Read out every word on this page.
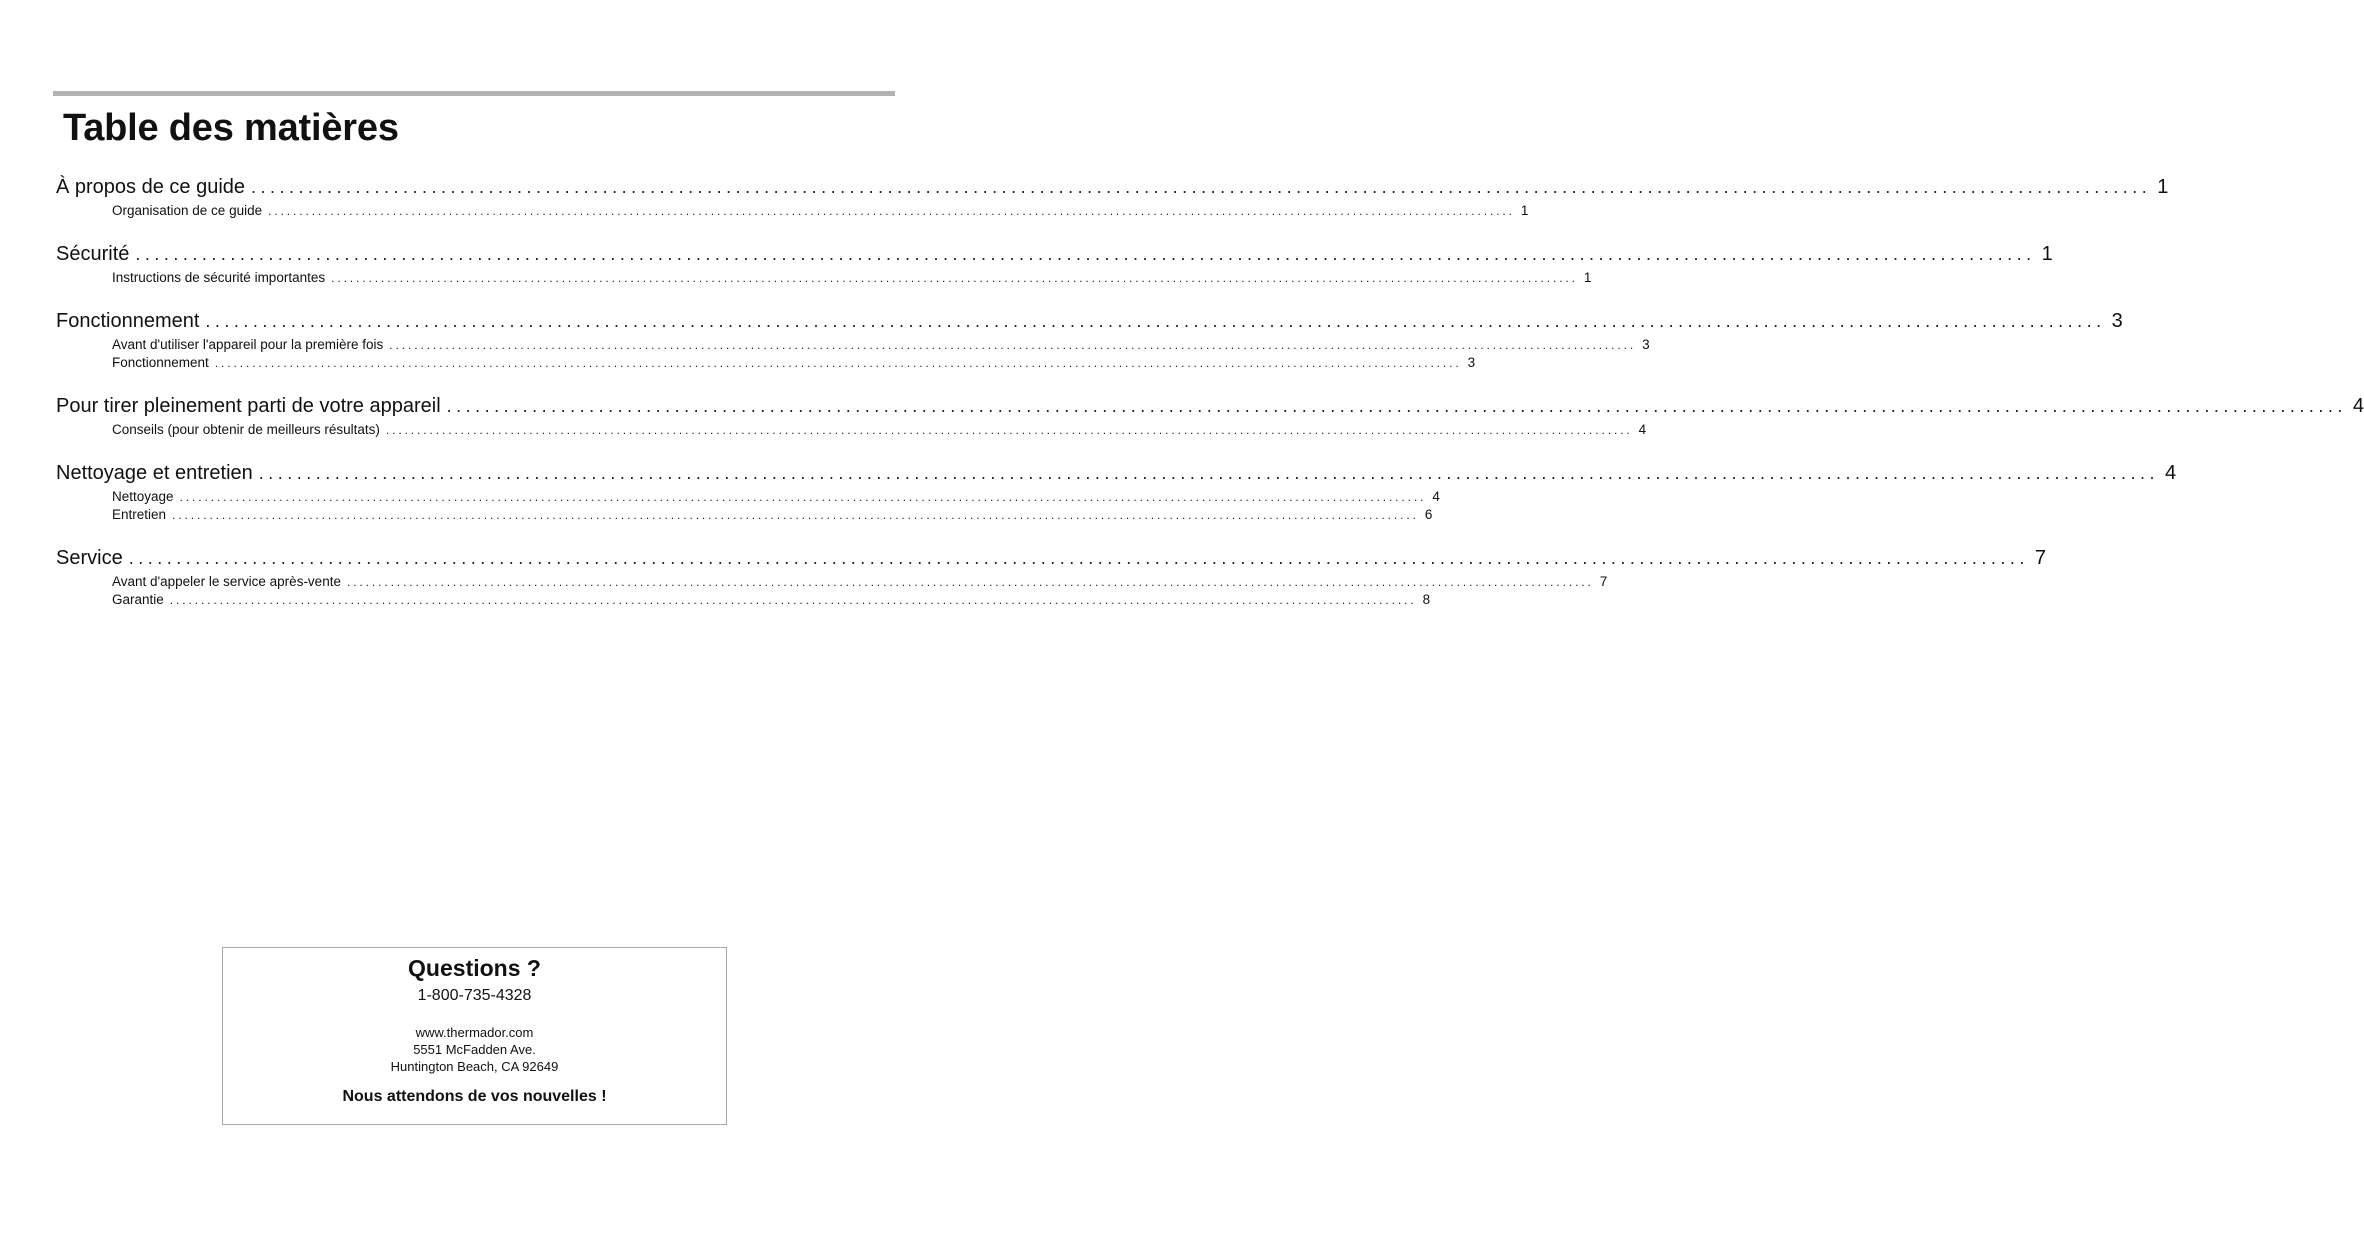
Table des matières
À propos de ce guide ........................................................................................................................................................................................................ 1
Organisation de ce guide ........................................................................................................................................................................................................ 1
Sécurité ........................................................................................................................................................................................................ 1
Instructions de sécurité importantes ........................................................................................................................................................................................................ 1
Fonctionnement ........................................................................................................................................................................................................ 3
Avant d'utiliser l'appareil pour la première fois ........................................................................................................................................................................................................ 3
Fonctionnement ........................................................................................................................................................................................................ 3
Pour tirer pleinement parti de votre appareil ........................................................................................................................................................................................................ 4
Conseils (pour obtenir de meilleurs résultats) ........................................................................................................................................................................................................ 4
Nettoyage et entretien ........................................................................................................................................................................................................ 4
Nettoyage ........................................................................................................................................................................................................ 4
Entretien ........................................................................................................................................................................................................ 6
Service ........................................................................................................................................................................................................ 7
Avant d'appeler le service après-vente ........................................................................................................................................................................................................ 7
Garantie ........................................................................................................................................................................................................ 8
Questions ?
1-800-735-4328
www.thermador.com
5551 McFadden Ave.
Huntington Beach, CA 92649
Nous attendons de vos nouvelles !
